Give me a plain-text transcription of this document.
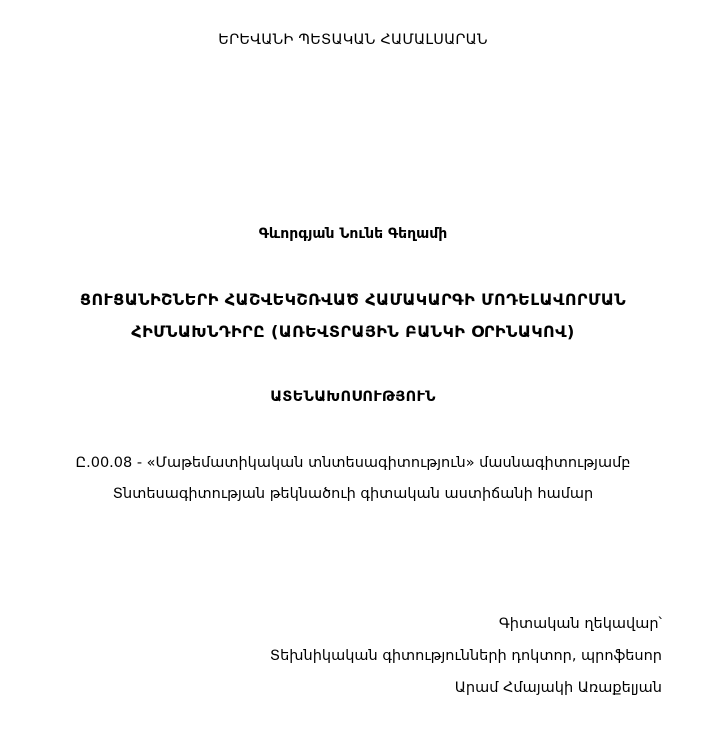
ԵՐԵՎԱՆԻ ՊԵՏԱԿԱՆ ՀԱՄԱԼՍԱՐԱՆ
Գևորգյան Նունե Գեղամի
ՑՈՒՑԱՆԻՇՆԵՐԻ ՀԱՇՎԵԿՇՌՎԱԾ ՀԱՄԱԿԱՐԳԻ ՄՈԴԵԼԱՎՈՐՄԱՆ
ՀԻՄՆԱԽՆԴԻՐԸ (ԱՌԵՎՏՐԱՅԻՆ ԲԱՆԿԻ ՕՐԻՆԱԿՈՎ)
ԱՏԵՆԱԽՈՍՈՒԹՅՈՒՆ
Ը.00.08 - «Մաթեմատիկական տնտեսագիտություն» մասնագիտությամբ
Տնտեսագիտության թեկնածուի գիտական աստիճանի համար
Գիտական ղեկավար՝
Տեխնիկական գիտությունների դոկտոր, պրոֆեսոր
Արամ Հմայակի Առաքելյան
